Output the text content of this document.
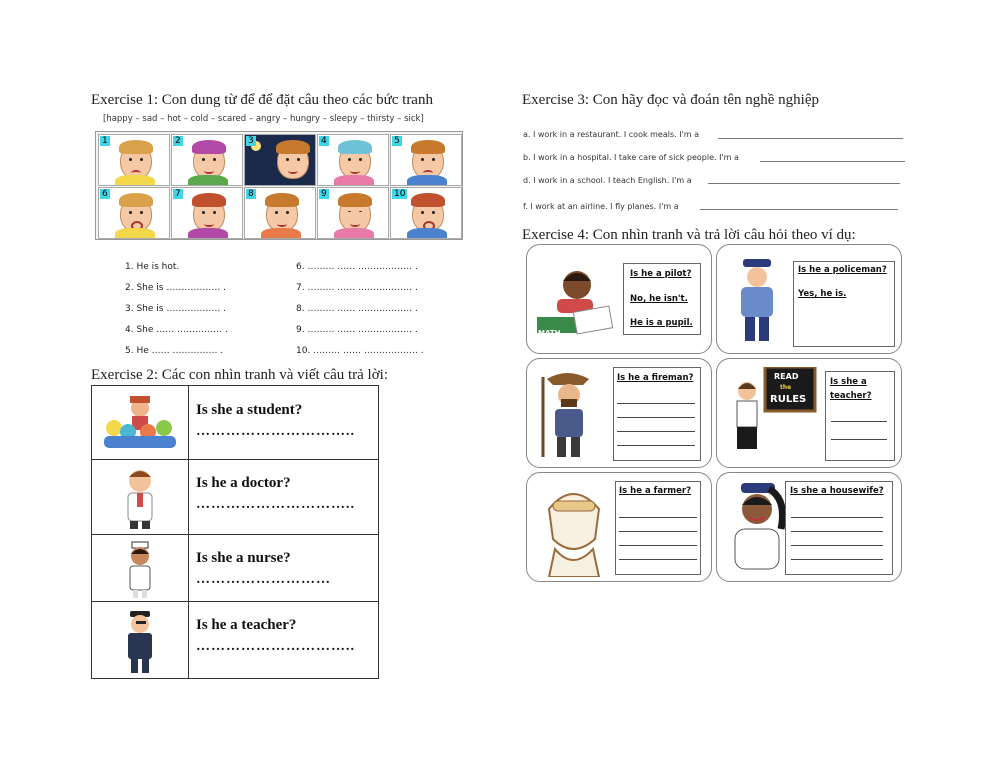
Exercise 1: Con dung từ để để đặt câu theo các bức tranh
[happy – sad – hot – cold – scared – angry – hungry – sleepy – thirsty – sick]
1	2	3	4	5
6	7	8	9	10
1. He is hot.
2. She is ……………… .
3. She is ……………… .
4. She …… …………… .
5. He …… …………… .
6. ……… …… ……………… .
7. ……… …… ……………… .
8. ……… …… ……………… .
9. ……… …… ……………… .
10. ……… …… ……………… .
Exercise 2: Các con nhìn tranh và viết câu trả lời:
Is she a student?
…………………………..
Is he a doctor?
…………………………..
Is she a nurse?
………………………
Is he a teacher?
…………………………..
Exercise 3: Con hãy đọc và đoán tên nghề nghiệp
a. I work in a restaurant. I cook meals. I'm a
b. I work in a hospital. I take care of sick people. I'm a
d. I work in a school. I teach English. I'm a
f. I work at an airline. I fly planes. I'm a
Exercise 4: Con nhìn tranh và trả lời câu hỏi theo ví dụ:
MATH
Is he a pilot?
No, he isn't.
He is a pupil.
Is he a policeman?
Yes, he is.
Is he a fireman?	READ
the
RULES
Is she a
teacher?
Is he a farmer?	Is she a housewife?
